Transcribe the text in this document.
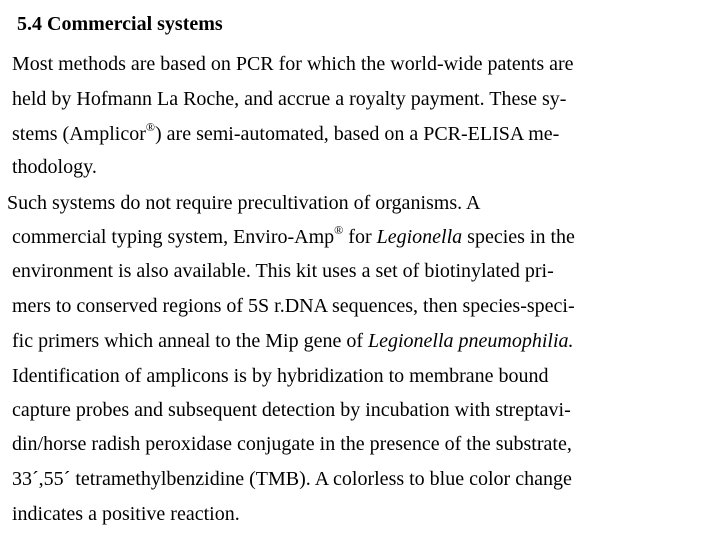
5.4 Commercial systems
Most methods are based on PCR for which the world-wide patents are
held by Hofmann La Roche, and accrue a royalty payment. These sy-
stems (Amplicor®) are semi-automated, based on a PCR-ELISA me-
thodology.
Such systems do not require precultivation of organisms. A
commercial typing system, Enviro-Amp® for Legionella species in the
environment is also available. This kit uses a set of biotinylated pri-
mers to conserved regions of 5S r.DNA sequences, then species-speci-
fic primers which anneal to the Mip gene of Legionella pneumophilia.
Identification of amplicons is by hybridization to membrane bound
capture probes and subsequent detection by incubation with streptavi-
din/horse radish peroxidase conjugate in the presence of the substrate,
33´,55´ tetramethylbenzidine (TMB). A colorless to blue color change
indicates a positive reaction.
